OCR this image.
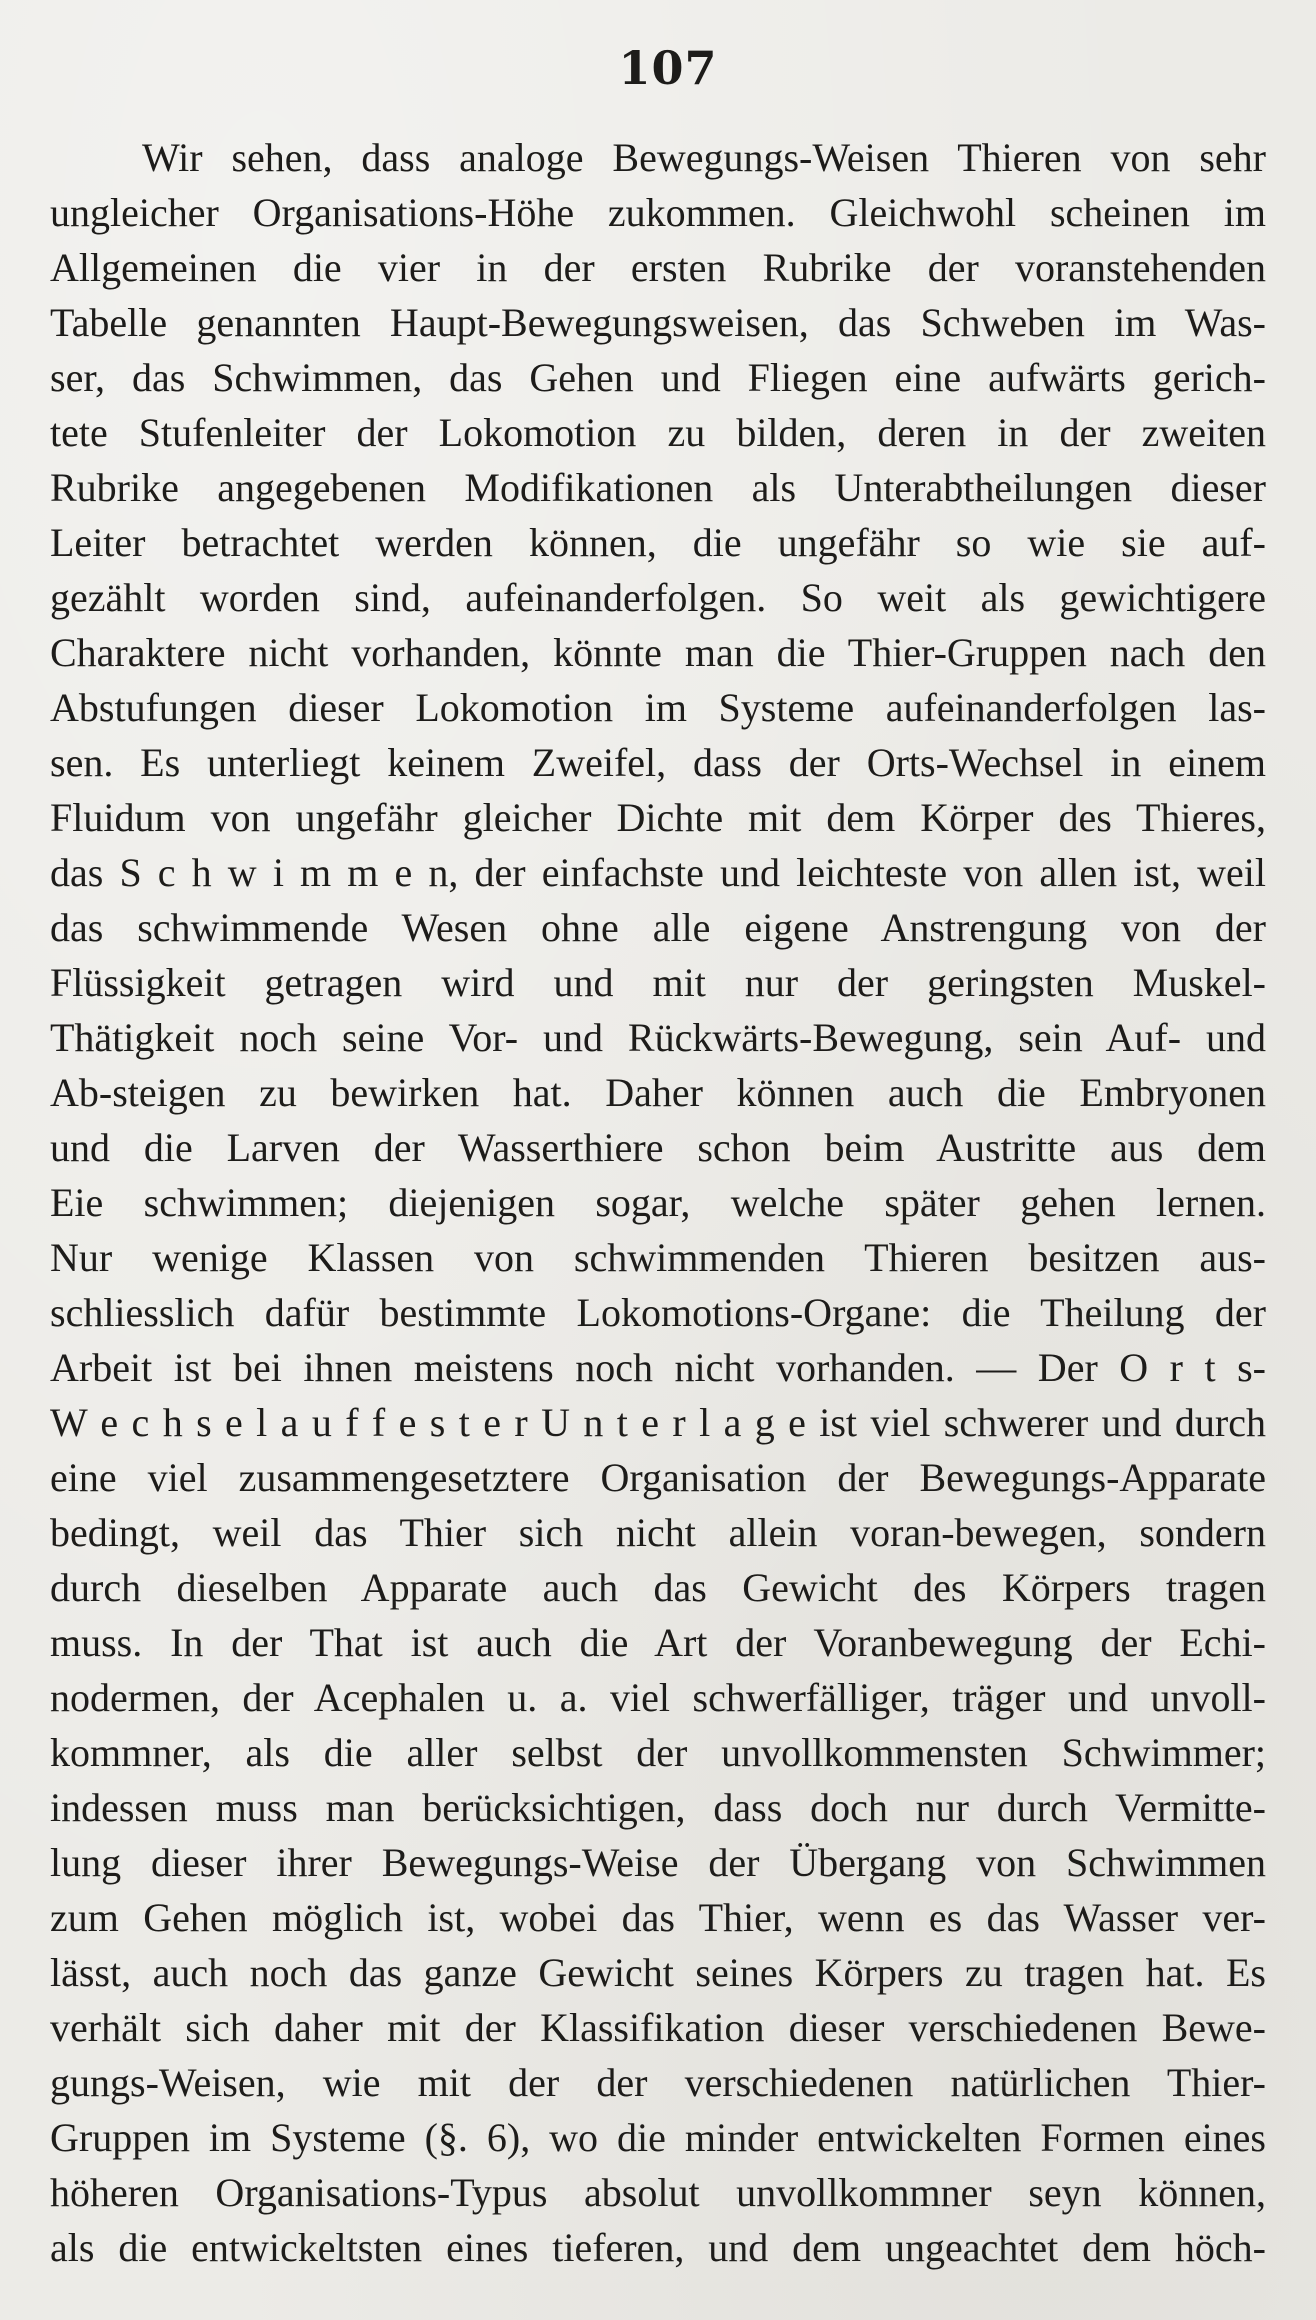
107
Wir sehen, dass analoge Bewegungs-Weisen Thieren von sehr
ungleicher Organisations-Höhe zukommen. Gleichwohl scheinen im
Allgemeinen die vier in der ersten Rubrike der voranstehenden
Tabelle genannten Haupt-Bewegungsweisen, das Schweben im Was-
ser, das Schwimmen, das Gehen und Fliegen eine aufwärts gerich-
tete Stufenleiter der Lokomotion zu bilden, deren in der zweiten
Rubrike angegebenen Modifikationen als Unterabtheilungen dieser
Leiter betrachtet werden können, die ungefähr so wie sie auf-
gezählt worden sind, aufeinanderfolgen. So weit als gewichtigere
Charaktere nicht vorhanden, könnte man die Thier-Gruppen nach den
Abstufungen dieser Lokomotion im Systeme aufeinanderfolgen las-
sen. Es unterliegt keinem Zweifel, dass der Orts-Wechsel in einem
Fluidum von ungefähr gleicher Dichte mit dem Körper des Thieres,
das S c h w i m m e n, der einfachste und leichteste von allen ist, weil
das schwimmende Wesen ohne alle eigene Anstrengung von der
Flüssigkeit getragen wird und mit nur der geringsten Muskel-
Thätigkeit noch seine Vor- und Rückwärts-Bewegung, sein Auf- und
Ab-steigen zu bewirken hat. Daher können auch die Embryonen
und die Larven der Wasserthiere schon beim Austritte aus dem
Eie schwimmen; diejenigen sogar, welche später gehen lernen.
Nur wenige Klassen von schwimmenden Thieren besitzen aus-
schliesslich dafür bestimmte Lokomotions-Organe: die Theilung der
Arbeit ist bei ihnen meistens noch nicht vorhanden. — Der O r t s-
W e c h s e l a u f f e s t e r U n t e r l a g e ist viel schwerer und durch
eine viel zusammengesetztere Organisation der Bewegungs-Apparate
bedingt, weil das Thier sich nicht allein voran-bewegen, sondern
durch dieselben Apparate auch das Gewicht des Körpers tragen
muss. In der That ist auch die Art der Voranbewegung der Echi-
nodermen, der Acephalen u. a. viel schwerfälliger, träger und unvoll-
kommner, als die aller selbst der unvollkommensten Schwimmer;
indessen muss man berücksichtigen, dass doch nur durch Vermitte-
lung dieser ihrer Bewegungs-Weise der Übergang von Schwimmen
zum Gehen möglich ist, wobei das Thier, wenn es das Wasser ver-
lässt, auch noch das ganze Gewicht seines Körpers zu tragen hat. Es
verhält sich daher mit der Klassifikation dieser verschiedenen Bewe-
gungs-Weisen, wie mit der der verschiedenen natürlichen Thier-
Gruppen im Systeme (§. 6), wo die minder entwickelten Formen eines
höheren Organisations-Typus absolut unvollkommner seyn können,
als die entwickeltsten eines tieferen, und dem ungeachtet dem höch-
